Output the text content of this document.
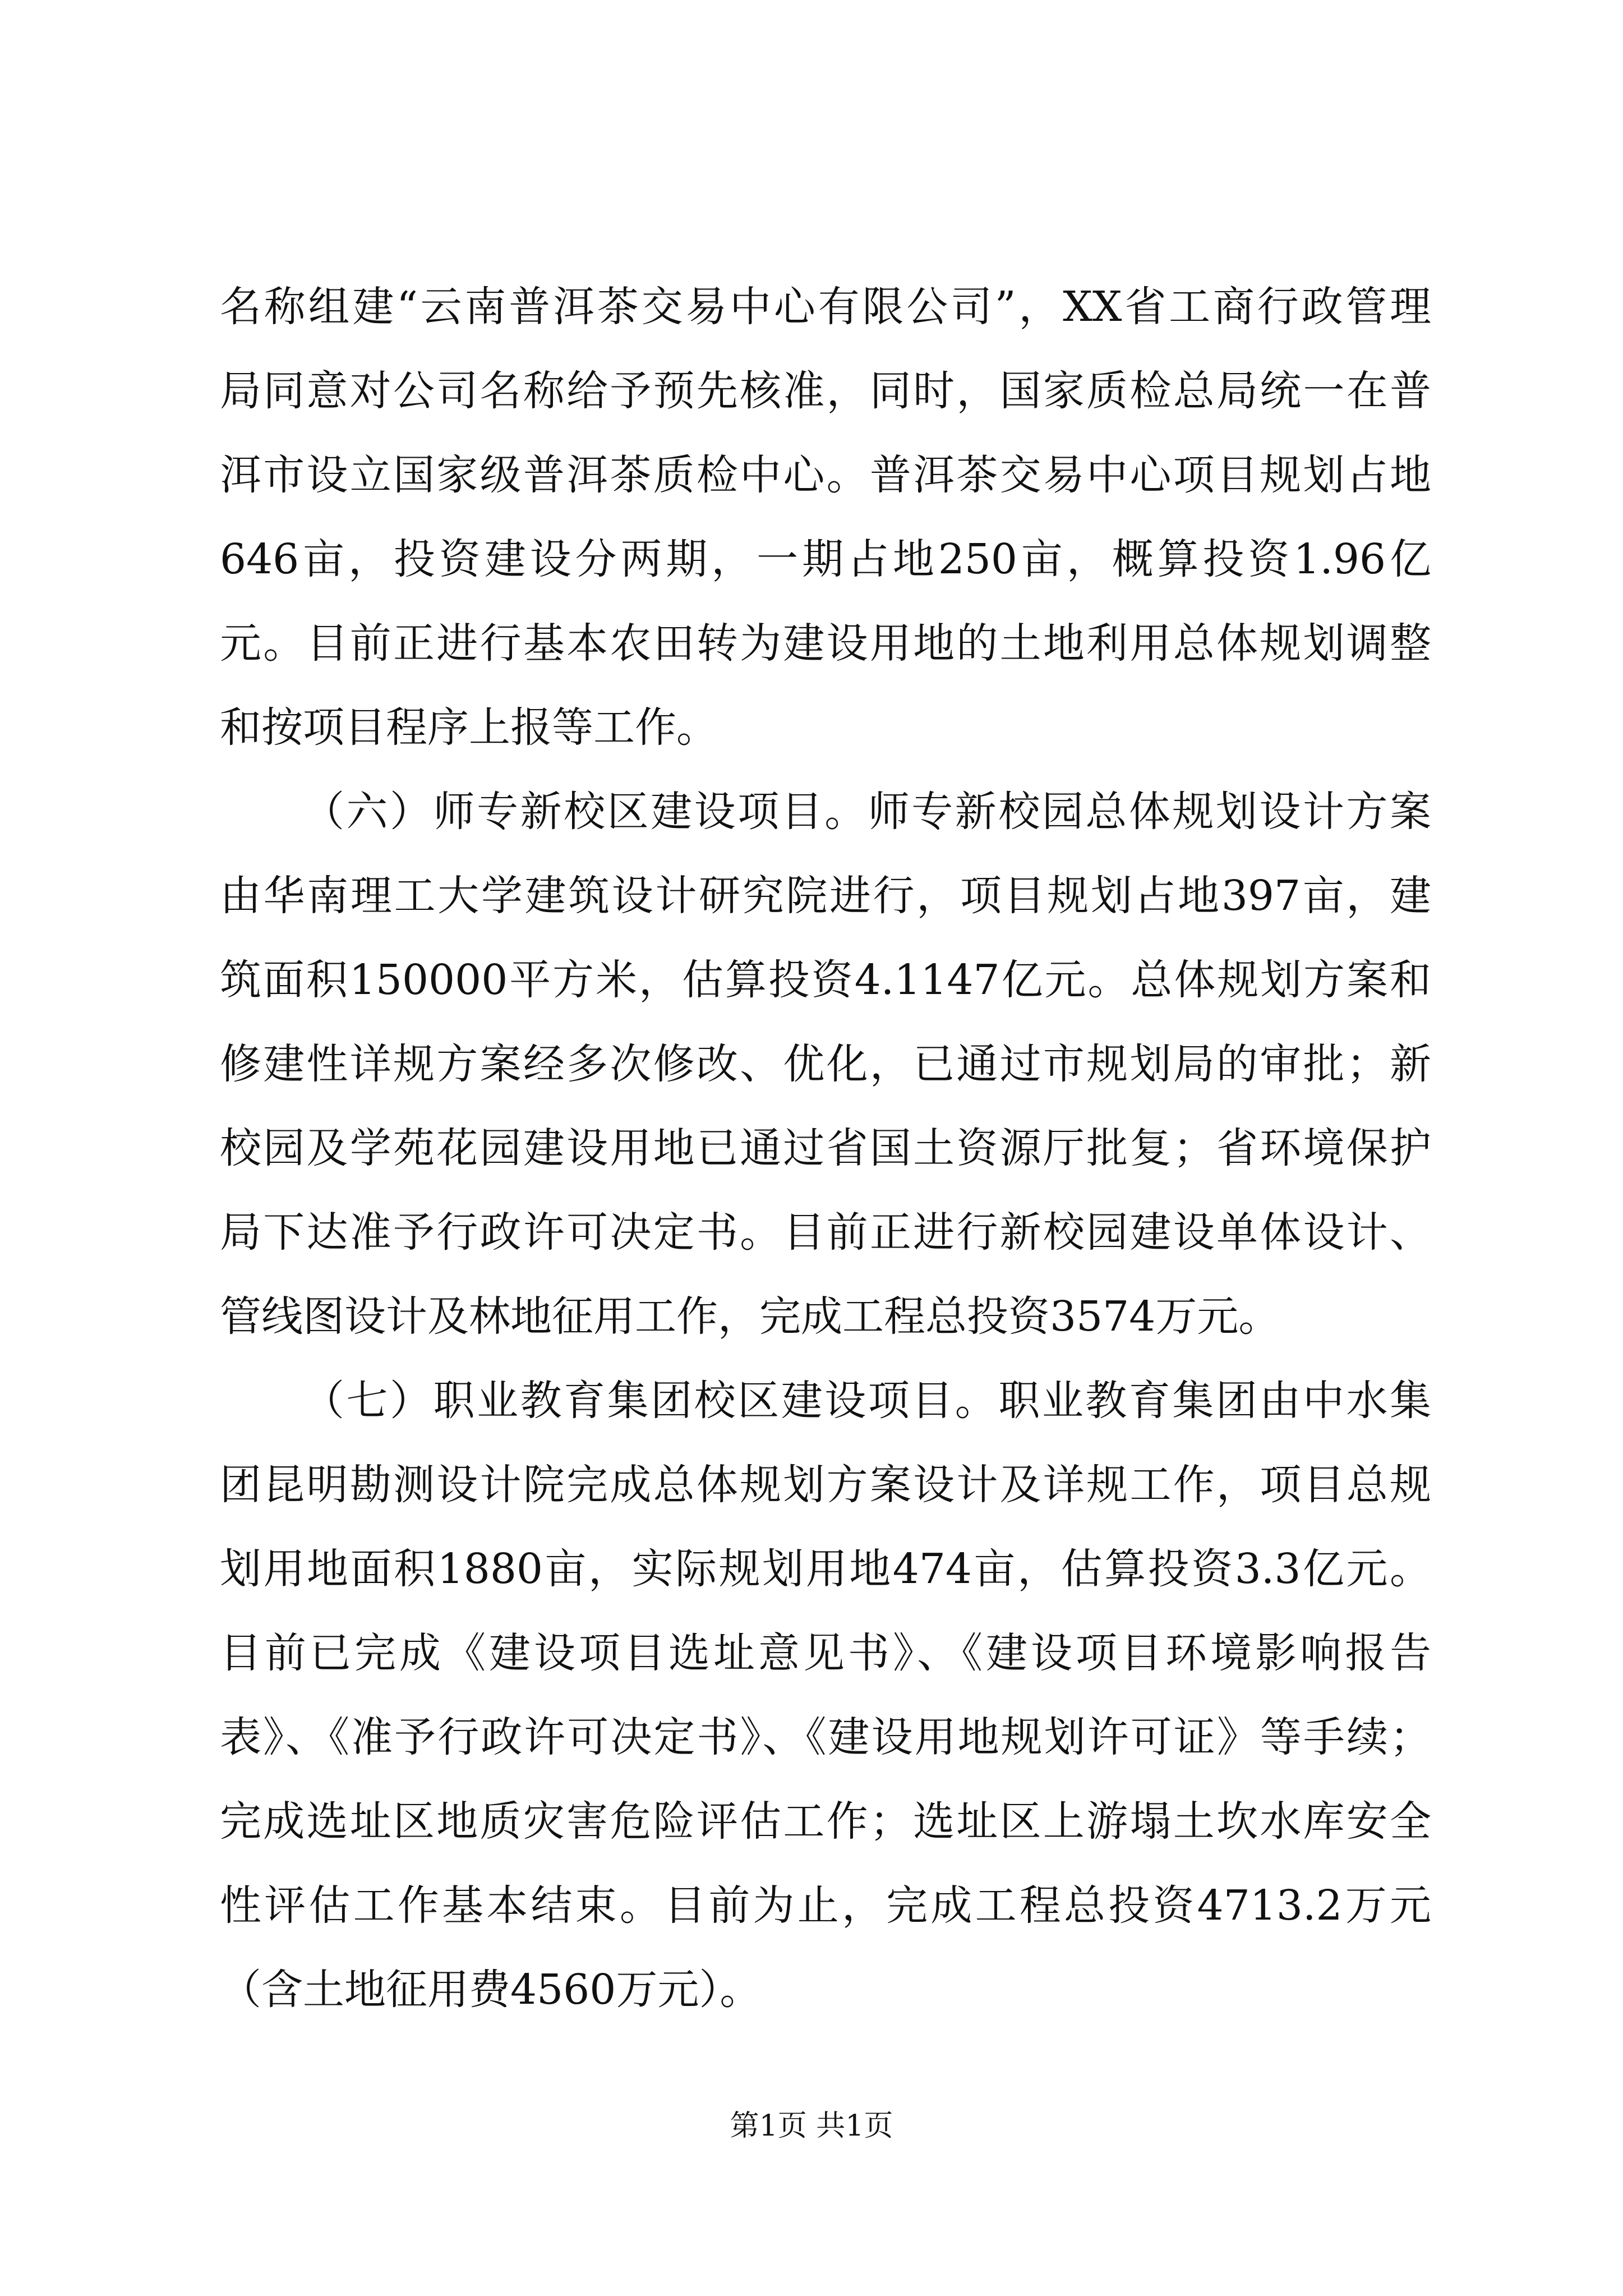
名称组建“云南普洱茶交易中心有限公司”，XX省工商行政管理
局同意对公司名称给予预先核准，同时，国家质检总局统一在普
洱市设立国家级普洱茶质检中心。普洱茶交易中心项目规划占地
646亩，投资建设分两期，一期占地250亩，概算投资1.96亿
元。目前正进行基本农田转为建设用地的土地利用总体规划调整
和按项目程序上报等工作。
（六）师专新校区建设项目。师专新校园总体规划设计方案
由华南理工大学建筑设计研究院进行，项目规划占地397亩，建
筑面积150000平方米，估算投资4.1147亿元。总体规划方案和
修建性详规方案经多次修改、优化，已通过市规划局的审批；新
校园及学苑花园建设用地已通过省国土资源厅批复；省环境保护
局下达准予行政许可决定书。目前正进行新校园建设单体设计、
管线图设计及林地征用工作，完成工程总投资3574万元。
（七）职业教育集团校区建设项目。职业教育集团由中水集
团昆明勘测设计院完成总体规划方案设计及详规工作，项目总规
划用地面积1880亩，实际规划用地474亩，估算投资3.3亿元。
目前已完成《建设项目选址意见书》、《建设项目环境影响报告
表》、《准予行政许可决定书》、《建设用地规划许可证》等手续；
完成选址区地质灾害危险评估工作；选址区上游塌土坎水库安全
性评估工作基本结束。目前为止，完成工程总投资4713.2万元
（含土地征用费4560万元）。
第1页 共1页
